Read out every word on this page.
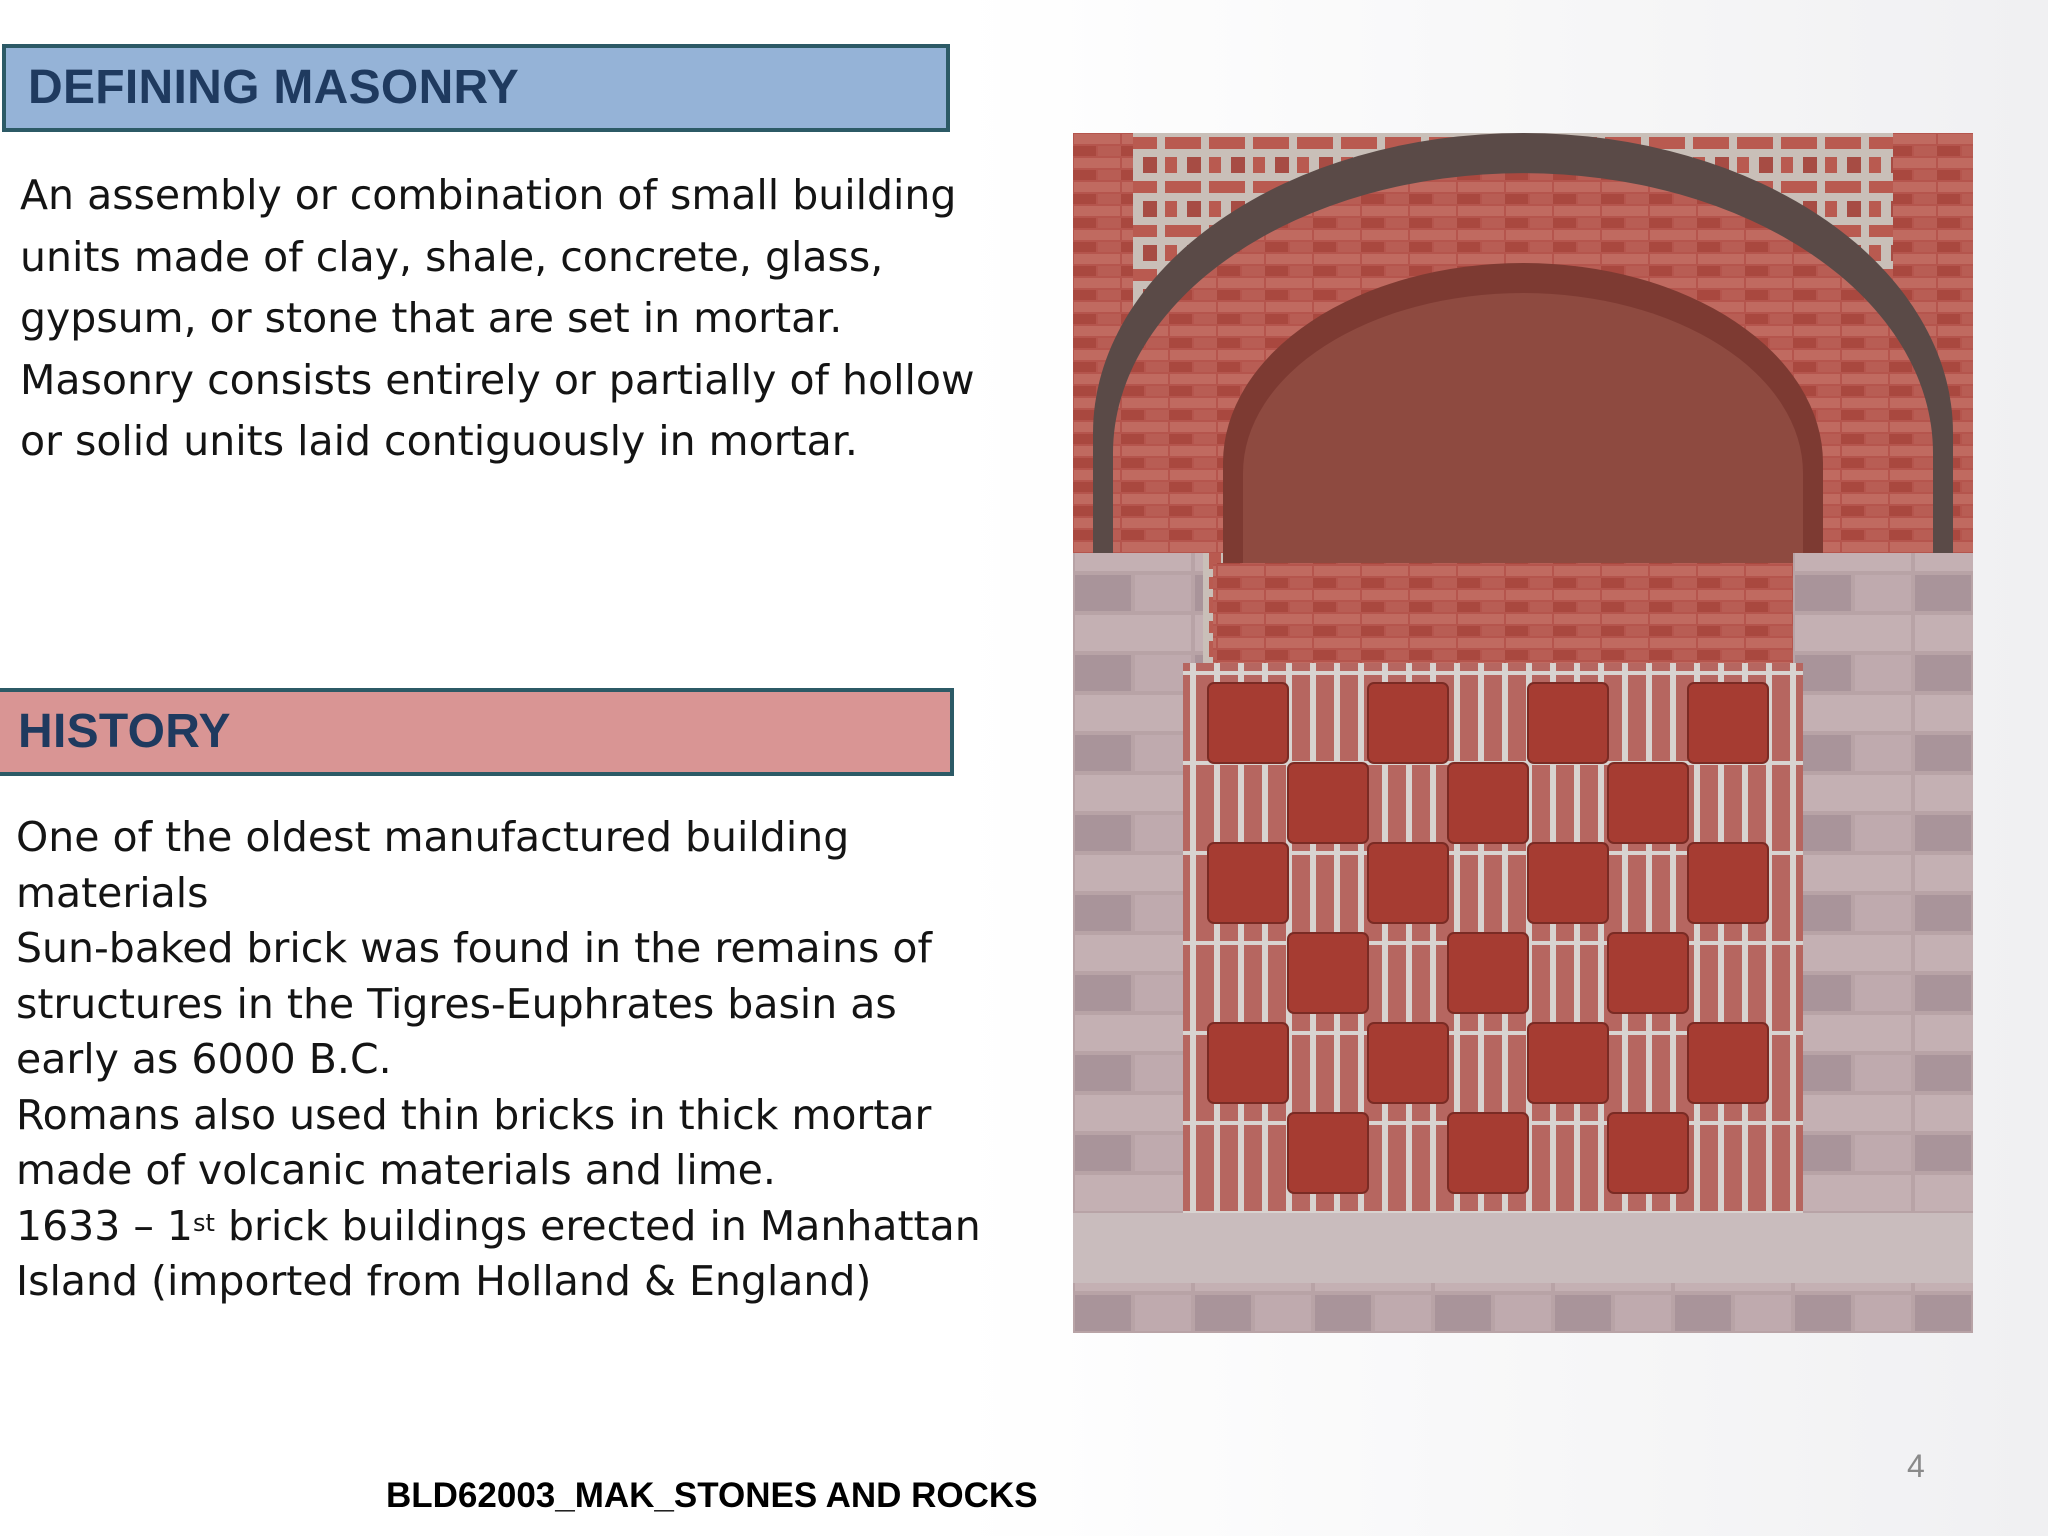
DEFINING MASONRY
An assembly or combination of small building
units made of clay, shale, concrete, glass,
gypsum, or stone that are set in mortar.
Masonry consists entirely or partially of hollow
or solid units laid contiguously in mortar.
HISTORY
One of the oldest manufactured building
materials
Sun-baked brick was found in the remains of
structures in the Tigres-Euphrates basin as
early as 6000 B.C.
Romans also used thin bricks in thick mortar
made of volcanic materials and lime.
1633 – 1st brick buildings erected in Manhattan
Island (imported from Holland & England)
BLD62003_MAK_STONES AND ROCKS
4
